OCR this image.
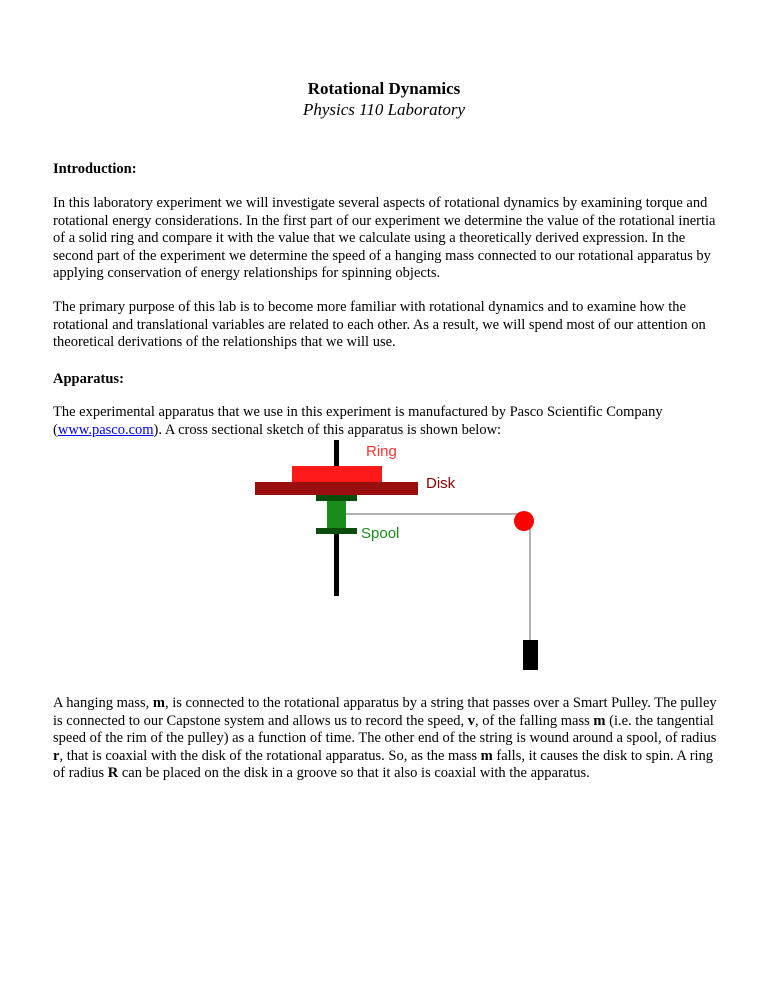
Rotational Dynamics
Physics 110 Laboratory
Introduction:

In this laboratory experiment we will investigate several aspects of rotational dynamics by examining torque and rotational energy considerations. In the first part of our experiment we determine the value of the rotational inertia of a solid ring and compare it with the value that we calculate using a theoretically derived expression. In the second part of the experiment we determine the speed of a hanging mass connected to our rotational apparatus by applying conservation of energy relationships for spinning objects.

The primary purpose of this lab is to become more familiar with rotational dynamics and to examine how the rotational and translational variables are related to each other. As a result, we will spend most of our attention on theoretical derivations of the relationships that we will use.

Apparatus:

The experimental apparatus that we use in this experiment is manufactured by Pasco Scientific Company (www.pasco.com). A cross sectional sketch of this apparatus is shown below:

Ring
Disk
Spool

A hanging mass, m, is connected to the rotational apparatus by a string that passes over a Smart Pulley. The pulley is connected to our Capstone system and allows us to record the speed, v, of the falling mass m (i.e. the tangential speed of the rim of the pulley) as a function of time. The other end of the string is wound around a spool, of radius r, that is coaxial with the disk of the rotational apparatus. So, as the mass m falls, it causes the disk to spin. A ring of radius R can be placed on the disk in a groove so that it also is coaxial with the apparatus.
